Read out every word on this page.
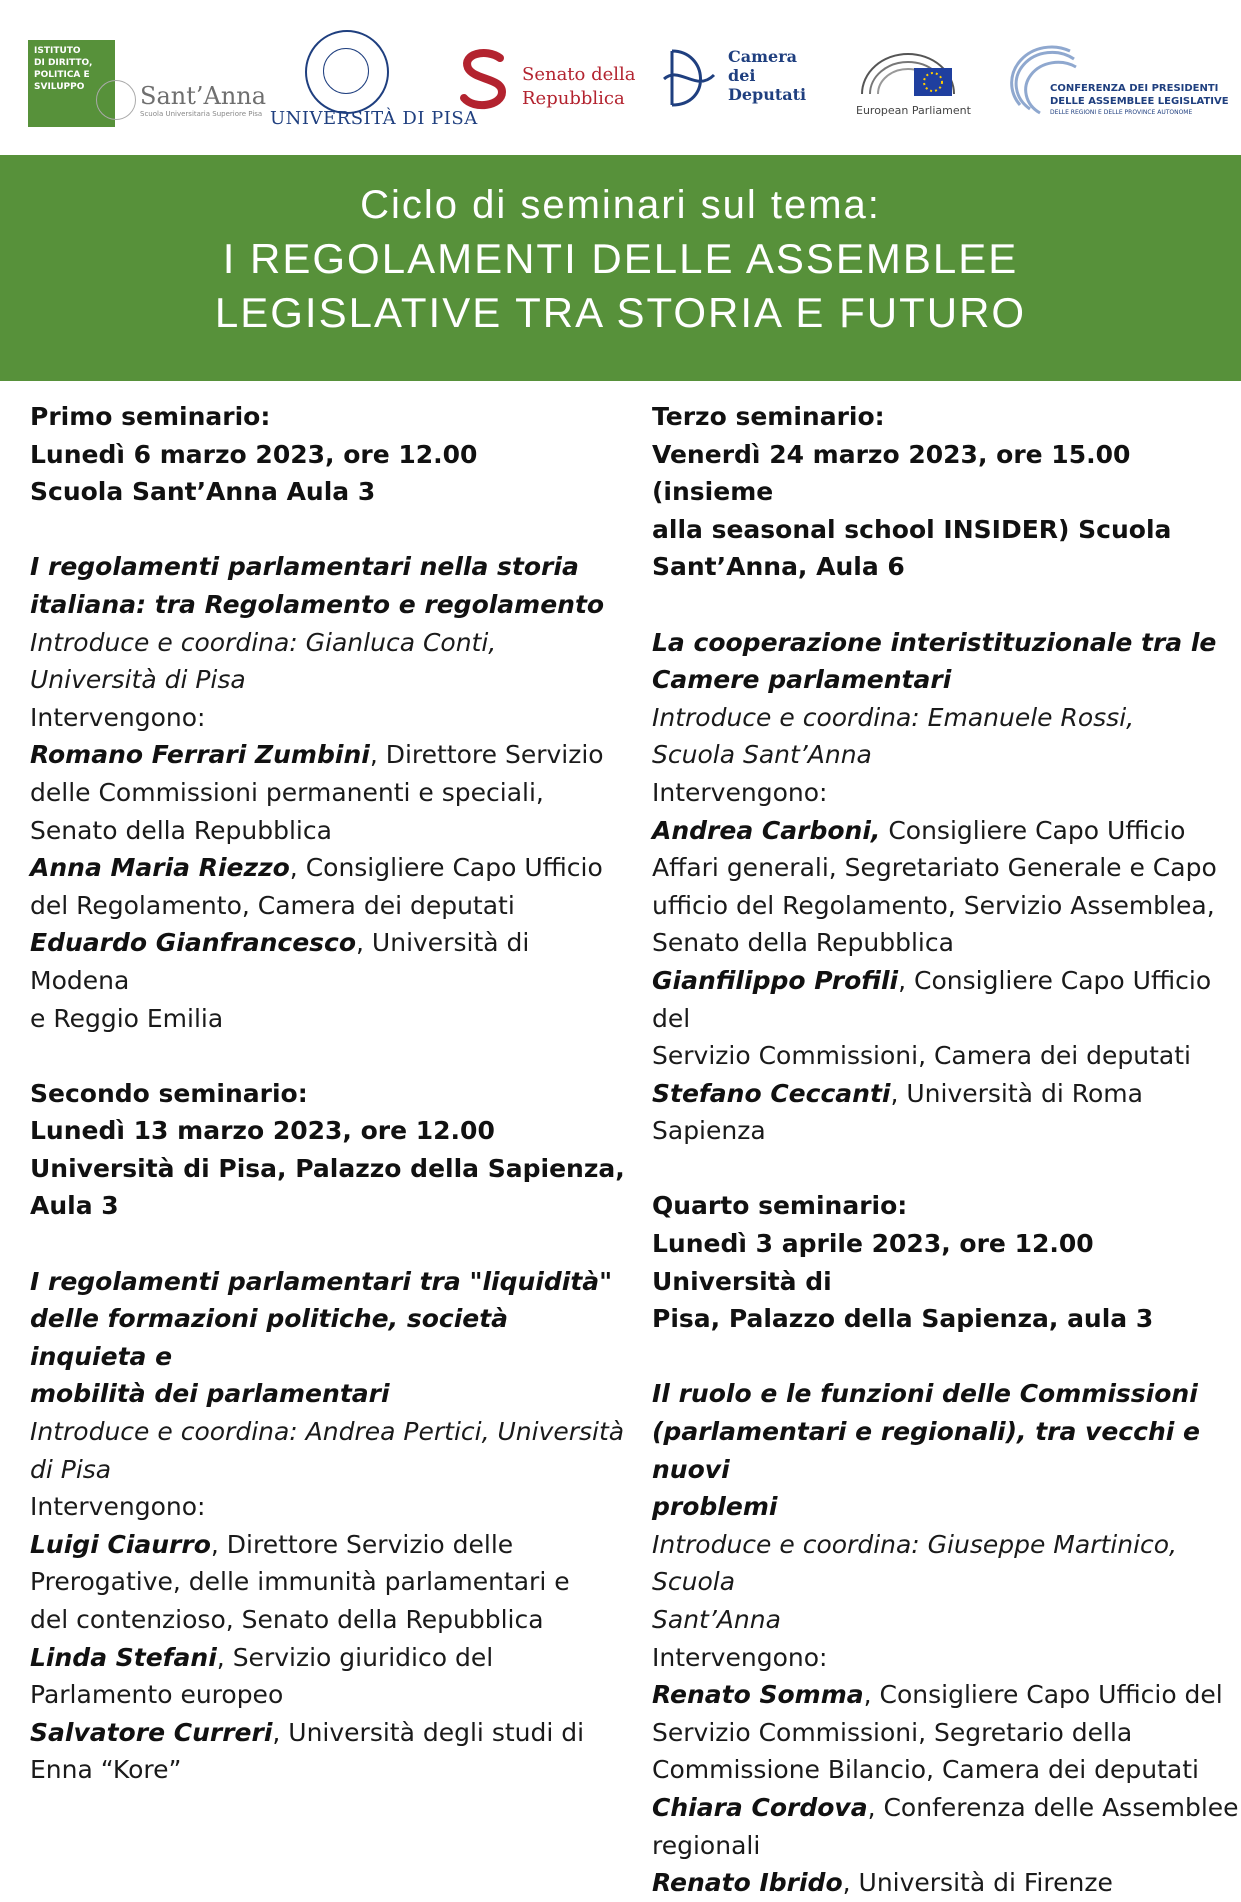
ISTITUTO
DI DIRITTO,
POLITICA E
SVILUPPO	Sant’Anna
Scuola Universitaria Superiore Pisa UNIVERSITÀ DI PISA
Senato della
Repubblica
Camera
dei
Deputati
European Parliament
CONFERENZA DEI PRESIDENTI
DELLE ASSEMBLEE LEGISLATIVE
DELLE REGIONI E DELLE PROVINCE AUTONOME
Ciclo di seminari sul tema:
I REGOLAMENTI DELLE ASSEMBLEE
LEGISLATIVE TRA STORIA E FUTURO

Primo seminario:

Lunedì 6 marzo 2023, ore 12.00

Scuola Sant’Anna Aula 3

I regolamenti parlamentari nella storia

italiana: tra Regolamento e regolamento

Introduce e coordina: Gianluca Conti,

Università di Pisa

Intervengono:

Romano Ferrari Zumbini, Direttore Servizio

delle Commissioni permanenti e speciali,

Senato della Repubblica

Anna Maria Riezzo, Consigliere Capo Ufficio

del Regolamento, Camera dei deputati

Eduardo Gianfrancesco, Università di Modena

e Reggio Emilia

Secondo seminario:

Lunedì 13 marzo 2023, ore 12.00

Università di Pisa, Palazzo della Sapienza,

Aula 3

I regolamenti parlamentari tra "liquidità"

delle formazioni politiche, società inquieta e

mobilità dei parlamentari

Introduce e coordina: Andrea Pertici, Università

di Pisa

Intervengono:

Luigi Ciaurro, Direttore Servizio delle

Prerogative, delle immunità parlamentari e

del contenzioso, Senato della Repubblica

Linda Stefani, Servizio giuridico del

Parlamento europeo

Salvatore Curreri, Università degli studi di

Enna “Kore”

Terzo seminario:

Venerdì 24 marzo 2023, ore 15.00 (insieme

alla seasonal school INSIDER) Scuola

Sant’Anna, Aula 6

La cooperazione interistituzionale tra le

Camere parlamentari

Introduce e coordina: Emanuele Rossi,

Scuola Sant’Anna

Intervengono:

Andrea Carboni, Consigliere Capo Ufficio

Affari generali, Segretariato Generale e Capo

ufficio del Regolamento, Servizio Assemblea,

Senato della Repubblica

Gianfilippo Profili, Consigliere Capo Ufficio del

Servizio Commissioni, Camera dei deputati

Stefano Ceccanti, Università di Roma

Sapienza

Quarto seminario:

Lunedì 3 aprile 2023, ore 12.00 Università di

Pisa, Palazzo della Sapienza, aula 3

Il ruolo e le funzioni delle Commissioni

(parlamentari e regionali), tra vecchi e nuovi

problemi

Introduce e coordina: Giuseppe Martinico, Scuola

Sant’Anna

Intervengono:

Renato Somma, Consigliere Capo Ufficio del

Servizio Commissioni, Segretario della

Commissione Bilancio, Camera dei deputati

Chiara Cordova, Conferenza delle Assemblee

regionali

Renato Ibrido, Università di Firenze
